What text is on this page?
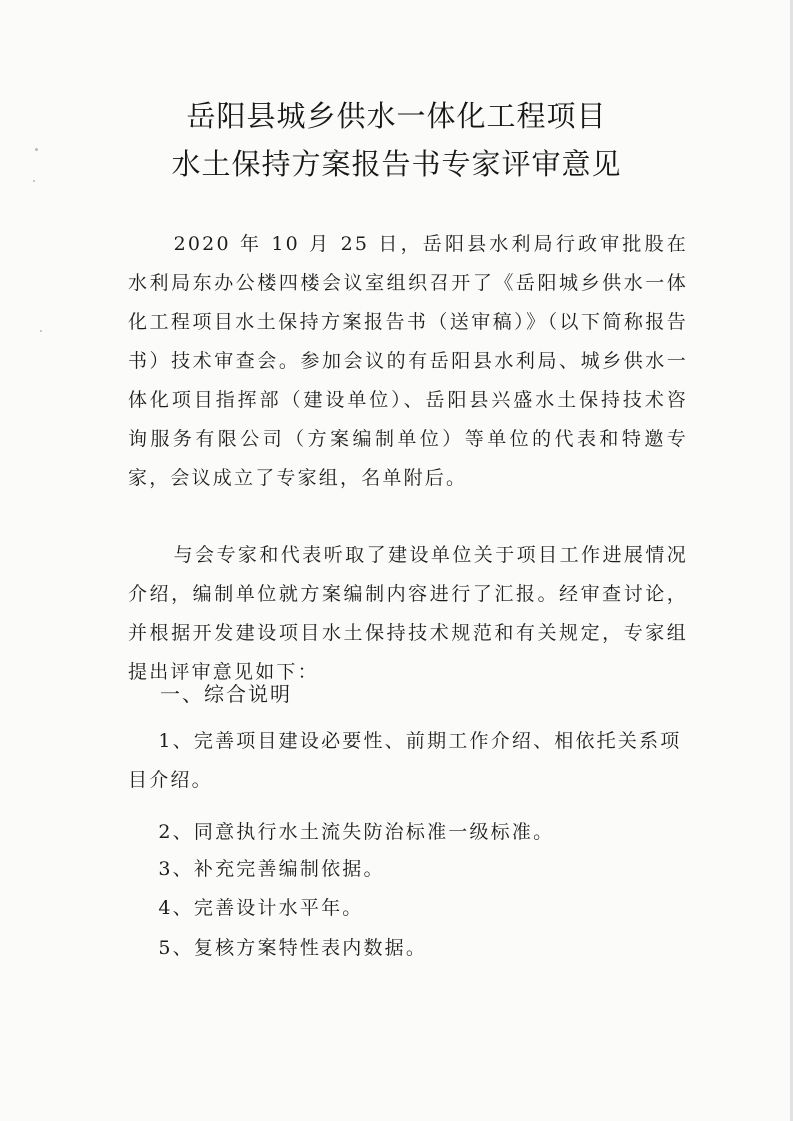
岳阳县城乡供水一体化工程项目
水土保持方案报告书专家评审意见

2020 年 10 月 25 日，岳阳县水利局行政审批股在水利局东办公楼四楼会议室组织召开了《岳阳城乡供水一体化工程项目水土保持方案报告书（送审稿）》（以下简称报告书）技术审查会。参加会议的有岳阳县水利局、城乡供水一体化项目指挥部（建设单位）、岳阳县兴盛水土保持技术咨询服务有限公司（方案编制单位）等单位的代表和特邀专家，会议成立了专家组，名单附后。

与会专家和代表听取了建设单位关于项目工作进展情况介绍，编制单位就方案编制内容进行了汇报。经审查讨论，并根据开发建设项目水土保持技术规范和有关规定，专家组提出评审意见如下：

一、综合说明

1、完善项目建设必要性、前期工作介绍、相依托关系项目介绍。

2、同意执行水土流失防治标准一级标准。

3、补充完善编制依据。

4、完善设计水平年。

5、复核方案特性表内数据。
